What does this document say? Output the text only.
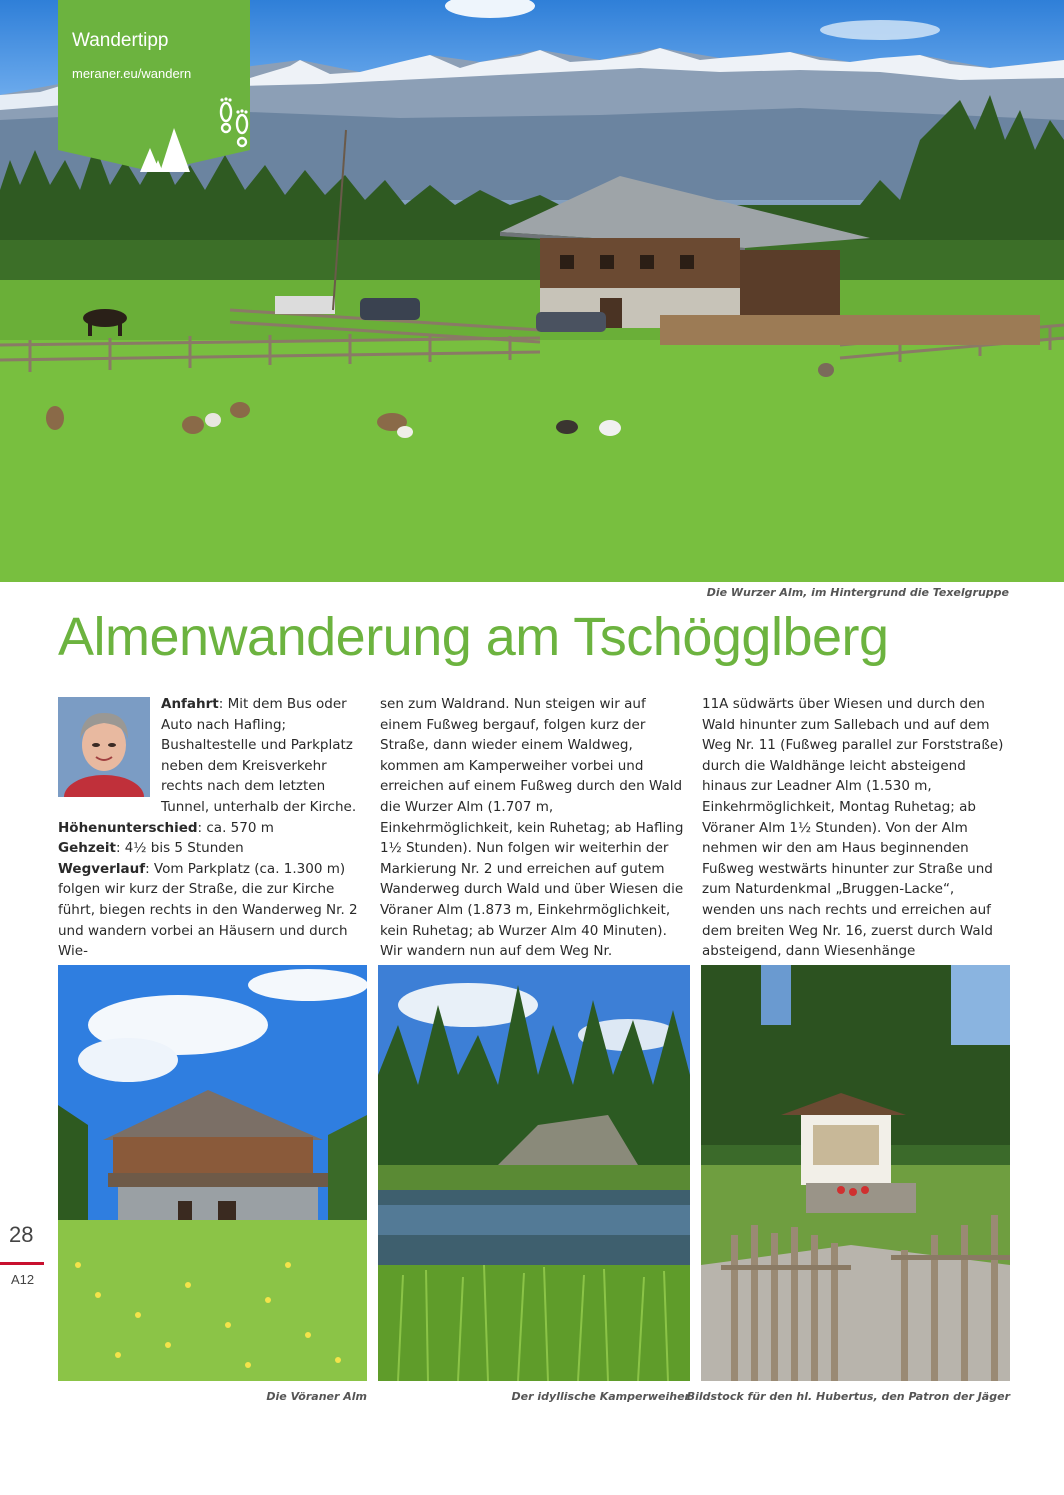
Wandertipp
meraner.eu/wandern
Die Wurzer Alm, im Hintergrund die Texelgruppe
Almenwanderung am Tschögglberg

Anfahrt: Mit dem Bus oder Auto nach Hafling; Bushaltestelle und Parkplatz neben dem Kreisverkehr rechts nach dem letzten Tunnel, unterhalb der Kirche.

Höhenunterschied: ca. 570 m

Gehzeit: 4½ bis 5 Stunden

Wegverlauf: Vom Parkplatz (ca. 1.300 m) folgen wir kurz der Straße, die zur Kirche führt, biegen rechts in den Wanderweg Nr. 2 und wandern vorbei an Häusern und durch Wie-

sen zum Waldrand. Nun steigen wir auf einem Fußweg bergauf, folgen kurz der Straße, dann wieder einem Waldweg, kommen am Kamperweiher vorbei und erreichen auf einem Fußweg durch den Wald die Wurzer Alm (1.707 m, Einkehrmöglichkeit, kein Ruhetag; ab Hafling 1½ Stunden). Nun folgen wir weiterhin der Markierung Nr. 2 und erreichen auf gutem Wanderweg durch Wald und über Wiesen die Vöraner Alm (1.873 m, Einkehrmöglichkeit, kein Ruhetag; ab Wurzer Alm 40 Minuten). Wir wandern nun auf dem Weg Nr.

11A südwärts über Wiesen und durch den Wald hinunter zum Sallebach und auf dem Weg Nr. 11 (Fußweg parallel zur Forststraße) durch die Waldhänge leicht absteigend hinaus zur Leadner Alm (1.530 m, Einkehrmöglichkeit, Montag Ruhetag; ab Vöraner Alm 1½ Stunden). Von der Alm nehmen wir den am Haus beginnenden Fußweg westwärts hinunter zur Straße und zum Naturdenkmal „Bruggen-Lacke“, wenden uns nach rechts und erreichen auf dem breiten Weg Nr. 16, zuerst durch Wald absteigend, dann Wiesenhänge

Die Vöraner Alm	Der idyllische Kamperweiher
Bildstock für den hl. Hubertus, den Patron der Jäger
28
A12
